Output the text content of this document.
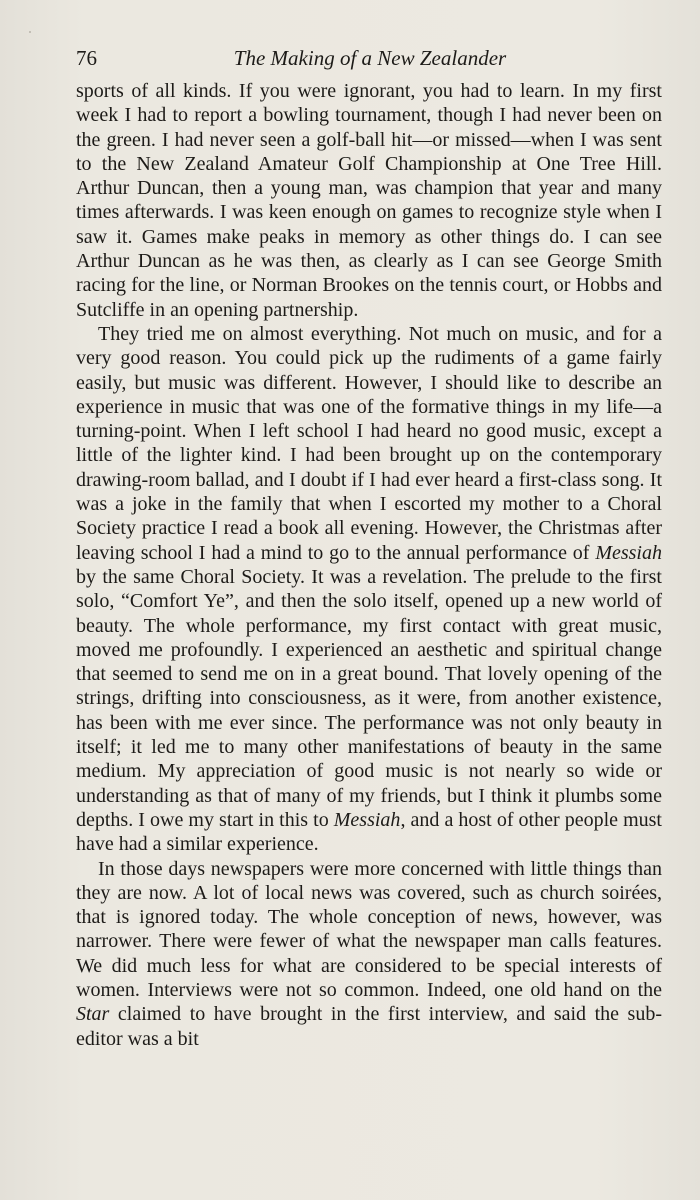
76	The Making of a New Zealander

sports of all kinds. If you were ignorant, you had to learn. In my first week I had to report a bowling tournament, though I had never been on the green. I had never seen a golf-ball hit—or missed—when I was sent to the New Zealand Amateur Golf Championship at One Tree Hill. Arthur Duncan, then a young man, was champion that year and many times afterwards. I was keen enough on games to recognize style when I saw it. Games make peaks in memory as other things do. I can see Arthur Duncan as he was then, as clearly as I can see George Smith racing for the line, or Norman Brookes on the tennis court, or Hobbs and Sutcliffe in an opening partnership.

They tried me on almost everything. Not much on music, and for a very good reason. You could pick up the rudiments of a game fairly easily, but music was different. However, I should like to describe an experience in music that was one of the formative things in my life—a turning-point. When I left school I had heard no good music, except a little of the lighter kind. I had been brought up on the contemporary drawing-room ballad, and I doubt if I had ever heard a first-class song. It was a joke in the family that when I escorted my mother to a Choral Society practice I read a book all evening. However, the Christmas after leaving school I had a mind to go to the annual performance of Messiah by the same Choral Society. It was a revelation. The prelude to the first solo, “Comfort Ye”, and then the solo itself, opened up a new world of beauty. The whole performance, my first contact with great music, moved me profoundly. I experienced an aesthetic and spiritual change that seemed to send me on in a great bound. That lovely opening of the strings, drifting into consciousness, as it were, from another existence, has been with me ever since. The performance was not only beauty in itself; it led me to many other manifestations of beauty in the same medium. My appreciation of good music is not nearly so wide or understanding as that of many of my friends, but I think it plumbs some depths. I owe my start in this to Messiah, and a host of other people must have had a similar experience.

In those days newspapers were more concerned with little things than they are now. A lot of local news was covered, such as church soirées, that is ignored today. The whole conception of news, however, was narrower. There were fewer of what the newspaper man calls features. We did much less for what are considered to be special interests of women. Interviews were not so common. Indeed, one old hand on the Star claimed to have brought in the first interview, and said the sub-editor was a bit
